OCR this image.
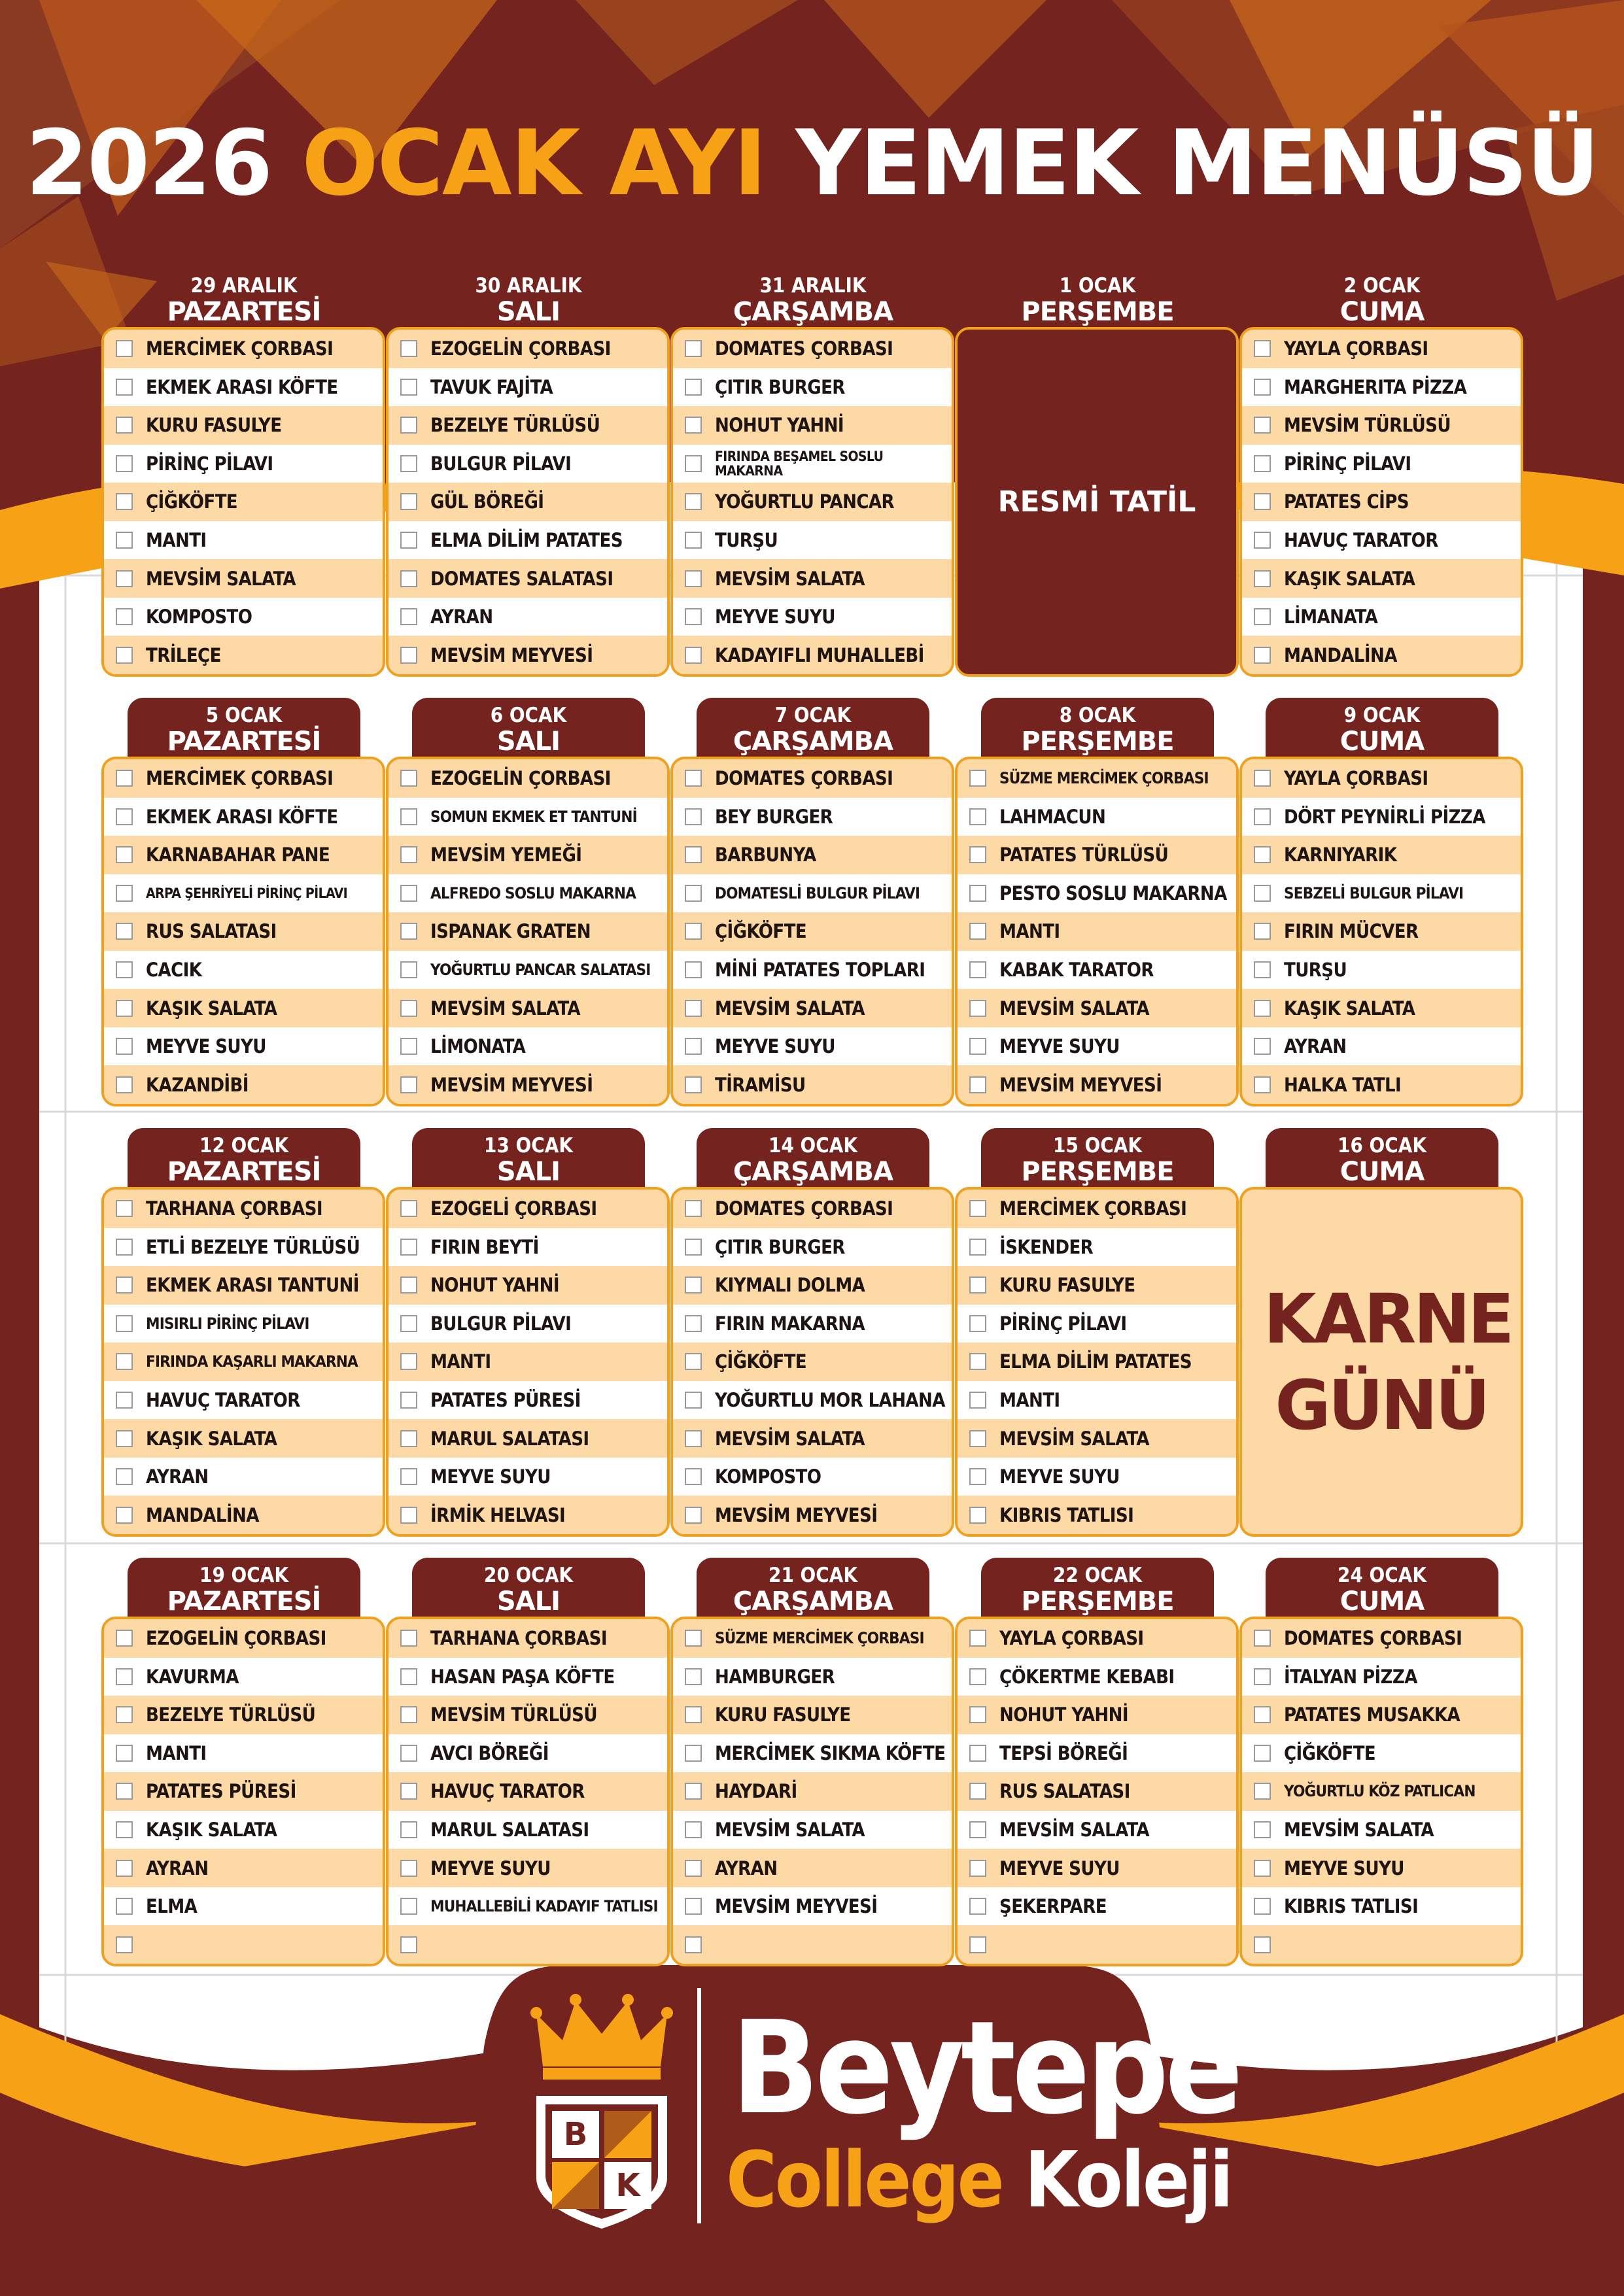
2026 OCAK AYI YEMEK MENÜSÜ
29 ARALIK
PAZARTESİ
MERCİMEK ÇORBASI
EKMEK ARASI KÖFTE
KURU FASULYE
PİRİNÇ PİLAVI
ÇİĞKÖFTE
MANTI
MEVSİM SALATA
KOMPOSTO
TRİLEÇE
30 ARALIK
SALI
EZOGELİN ÇORBASI
TAVUK FAJİTA
BEZELYE TÜRLÜSÜ
BULGUR PİLAVI
GÜL BÖREĞİ
ELMA DİLİM PATATES
DOMATES SALATASI
AYRAN
MEVSİM MEYVESİ
31 ARALIK
ÇARŞAMBA
DOMATES ÇORBASI
ÇITIR BURGER
NOHUT YAHNİ
FIRINDA BEŞAMEL SOSLU MAKARNA
YOĞURTLU PANCAR
TURŞU
MEVSİM SALATA
MEYVE SUYU
KADAYIFLI MUHALLEBİ
1 OCAK
PERŞEMBE
RESMİ TATİL
2 OCAK
CUMA
YAYLA ÇORBASI
MARGHERITA PİZZA
MEVSİM TÜRLÜSÜ
PİRİNÇ PİLAVI
PATATES CİPS
HAVUÇ TARATOR
KAŞIK SALATA
LİMANATA
MANDALİNA
5 OCAK
PAZARTESİ
MERCİMEK ÇORBASI
EKMEK ARASI KÖFTE
KARNABAHAR PANE
ARPA ŞEHRİYELİ PİRİNÇ PİLAVI
RUS SALATASI
CACIK
KAŞIK SALATA
MEYVE SUYU
KAZANDİBİ
6 OCAK
SALI
EZOGELİN ÇORBASI
SOMUN EKMEK ET TANTUNİ
MEVSİM YEMEĞİ
ALFREDO SOSLU MAKARNA
ISPANAK GRATEN
YOĞURTLU PANCAR SALATASI
MEVSİM SALATA
LİMONATA
MEVSİM MEYVESİ
7 OCAK
ÇARŞAMBA
DOMATES ÇORBASI
BEY BURGER
BARBUNYA
DOMATESLİ BULGUR PİLAVI
ÇİĞKÖFTE
MİNİ PATATES TOPLARI
MEVSİM SALATA
MEYVE SUYU
TİRAMİSU
8 OCAK
PERŞEMBE
SÜZME MERCİMEK ÇORBASI
LAHMACUN
PATATES TÜRLÜSÜ
PESTO SOSLU MAKARNA
MANTI
KABAK TARATOR
MEVSİM SALATA
MEYVE SUYU
MEVSİM MEYVESİ
9 OCAK
CUMA
YAYLA ÇORBASI
DÖRT PEYNİRLİ PİZZA
KARNIYARIK
SEBZELİ BULGUR PİLAVI
FIRIN MÜCVER
TURŞU
KAŞIK SALATA
AYRAN
HALKA TATLI
12 OCAK
PAZARTESİ
TARHANA ÇORBASI
ETLİ BEZELYE TÜRLÜSÜ
EKMEK ARASI TANTUNİ
MISIRLI PİRİNÇ PİLAVI
FIRINDA KAŞARLI MAKARNA
HAVUÇ TARATOR
KAŞIK SALATA
AYRAN
MANDALİNA
13 OCAK
SALI
EZOGELİ ÇORBASI
FIRIN BEYTİ
NOHUT YAHNİ
BULGUR PİLAVI
MANTI
PATATES PÜRESİ
MARUL SALATASI
MEYVE SUYU
İRMİK HELVASI
14 OCAK
ÇARŞAMBA
DOMATES ÇORBASI
ÇITIR BURGER
KIYMALI DOLMA
FIRIN MAKARNA
ÇİĞKÖFTE
YOĞURTLU MOR LAHANA
MEVSİM SALATA
KOMPOSTO
MEVSİM MEYVESİ
15 OCAK
PERŞEMBE
MERCİMEK ÇORBASI
İSKENDER
KURU FASULYE
PİRİNÇ PİLAVI
ELMA DİLİM PATATES
MANTI
MEVSİM SALATA
MEYVE SUYU
KIBRIS TATLISI
16 OCAK
CUMA
KARNE GÜNÜ
19 OCAK
PAZARTESİ
EZOGELİN ÇORBASI
KAVURMA
BEZELYE TÜRLÜSÜ
MANTI
PATATES PÜRESİ
KAŞIK SALATA
AYRAN
ELMA
20 OCAK
SALI
TARHANA ÇORBASI
HASAN PAŞA KÖFTE
MEVSİM TÜRLÜSÜ
AVCI BÖREĞİ
HAVUÇ TARATOR
MARUL SALATASI
MEYVE SUYU
MUHALLEBİLİ KADAYIF TATLISI
21 OCAK
ÇARŞAMBA
SÜZME MERCİMEK ÇORBASI
HAMBURGER
KURU FASULYE
MERCİMEK SIKMA KÖFTE
HAYDARİ
MEVSİM SALATA
AYRAN
MEVSİM MEYVESİ
22 OCAK
PERŞEMBE
YAYLA ÇORBASI
ÇÖKERTME KEBABI
NOHUT YAHNİ
TEPSİ BÖREĞİ
RUS SALATASI
MEVSİM SALATA
MEYVE SUYU
ŞEKERPARE
24 OCAK
CUMA
DOMATES ÇORBASI
İTALYAN PİZZA
PATATES MUSAKKA
ÇİĞKÖFTE
YOĞURTLU KÖZ PATLICAN
MEVSİM SALATA
MEYVE SUYU
KIBRIS TATLISI
B
K
Beytepe
College Koleji
